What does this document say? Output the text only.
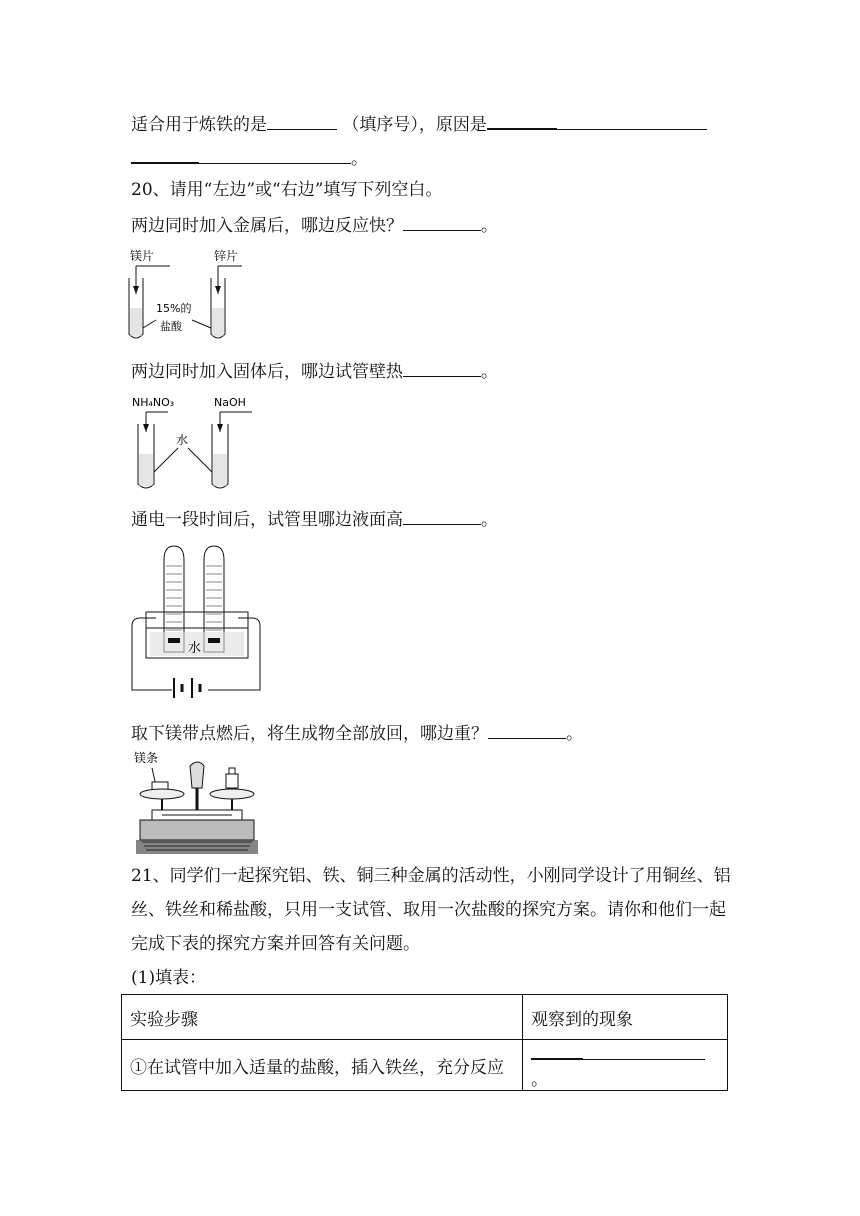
适合用于炼铁的是	（填序号），原因是
。
20、请用“左边”或“右边”填写下列空白。
两边同时加入金属后，哪边反应快？	。
镁片	锌片
15%的
盐酸
两边同时加入固体后，哪边试管壁热	。
NH₄NO₃	NaOH
水
通电一段时间后，试管里哪边液面高	。
水
取下镁带点燃后，将生成物全部放回，哪边重？	。
镁条
21、同学们一起探究铝、铁、铜三种金属的活动性，小刚同学设计了用铜丝、铝
丝、铁丝和稀盐酸，只用一支试管、取用一次盐酸的探究方案。请你和他们一起
完成下表的探究方案并回答有关问题。
(1)填表：
实验步骤	观察到的现象
①在试管中加入适量的盐酸，插入铁丝，充分反应	。
